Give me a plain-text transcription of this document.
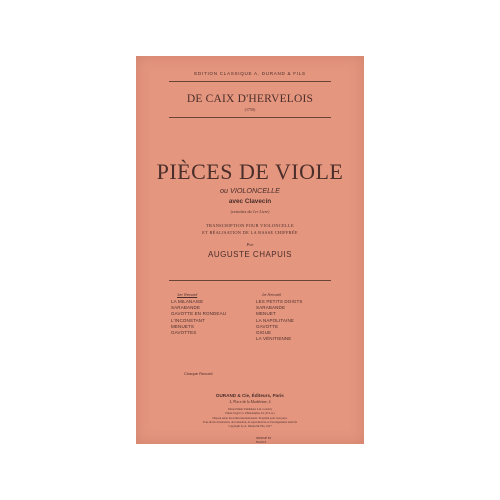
EDITION CLASSIQUE A. DURAND & FILS
DE CAIX D'HERVELOIS
(1750)
PIÈCES DE VIOLE
ou VIOLONCELLE
avec Clavecin
(extraites du 1er Livre)
TRANSCRIPTION POUR VIOLONCELLE
ET RÉALISATION DE LA BASSE CHIFFRÉE
Par
AUGUSTE CHAPUIS
1er Recueil
LA MILANAISE
SARABANDE
GAVOTTE EN RONDEAU
L'INCONSTANT
MENUETS
GAVOTTES
2e Recueil
LES PETITS DOIGTS
SARABANDE
MENUET
LA NAPOLITAINE
GAVOTTE
GIGUE
LA VÉNITIENNE
Chaque Recueil
DURAND & Cie, Éditeurs, Paris
4, Place de la Madeleine, 4
United Music Publishers Ltd, London;
Elkan-Vogel Co, Philadelphia, Pa (U.S.A.)
Déposé selon les traités internationaux. Propriété pour tous pays.
Tous droits d'exécution, de traduction, de reproduction et d'arrangements réservés
Copyright by A. Durand & Fils, 1917
IMPRIMÉ EN
FRANCE
